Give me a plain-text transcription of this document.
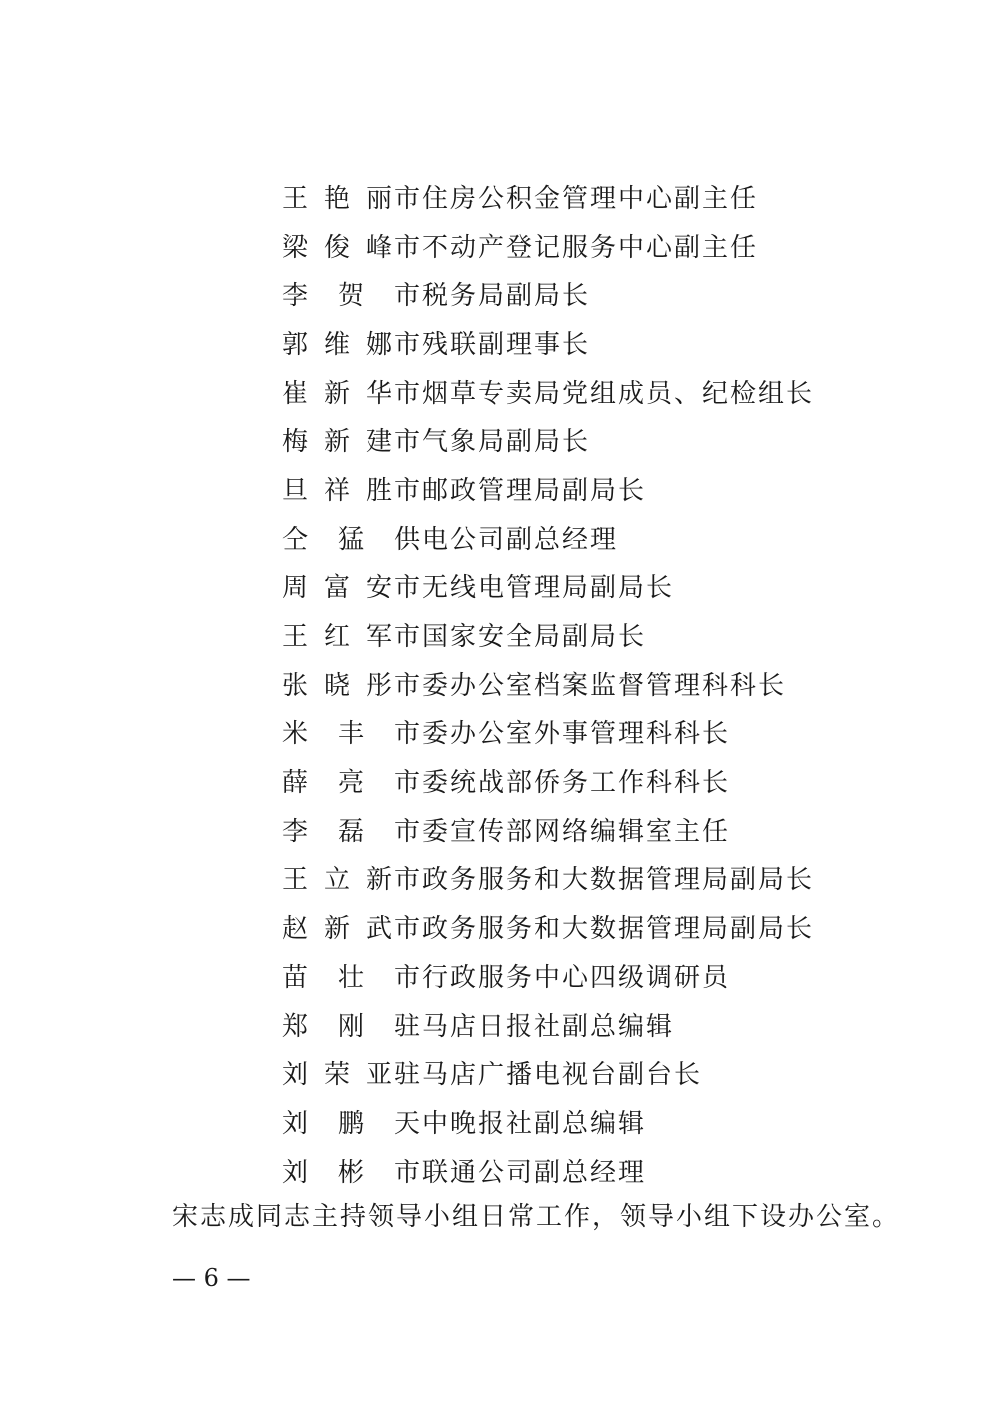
王艳丽 市住房公积金管理中心副主任
梁俊峰 市不动产登记服务中心副主任
李 贺	市税务局副局长
郭维娜 市残联副理事长
崔新华 市烟草专卖局党组成员、纪检组长
梅新建 市气象局副局长
旦祥胜 市邮政管理局副局长
仝 猛	供电公司副总经理
周富安 市无线电管理局副局长
王红军 市国家安全局副局长
张晓彤 市委办公室档案监督管理科科长
米 丰	市委办公室外事管理科科长
薛 亮	市委统战部侨务工作科科长
李 磊	市委宣传部网络编辑室主任
王立新 市政务服务和大数据管理局副局长
赵新武 市政务服务和大数据管理局副局长
苗 壮	市行政服务中心四级调研员
郑 刚	驻马店日报社副总编辑
刘荣亚 驻马店广播电视台副台长
刘 鹏	天中晚报社副总编辑
刘 彬	市联通公司副总经理

宋志成同志主持领导小组日常工作，领导小组下设办公室。

— 6 —
